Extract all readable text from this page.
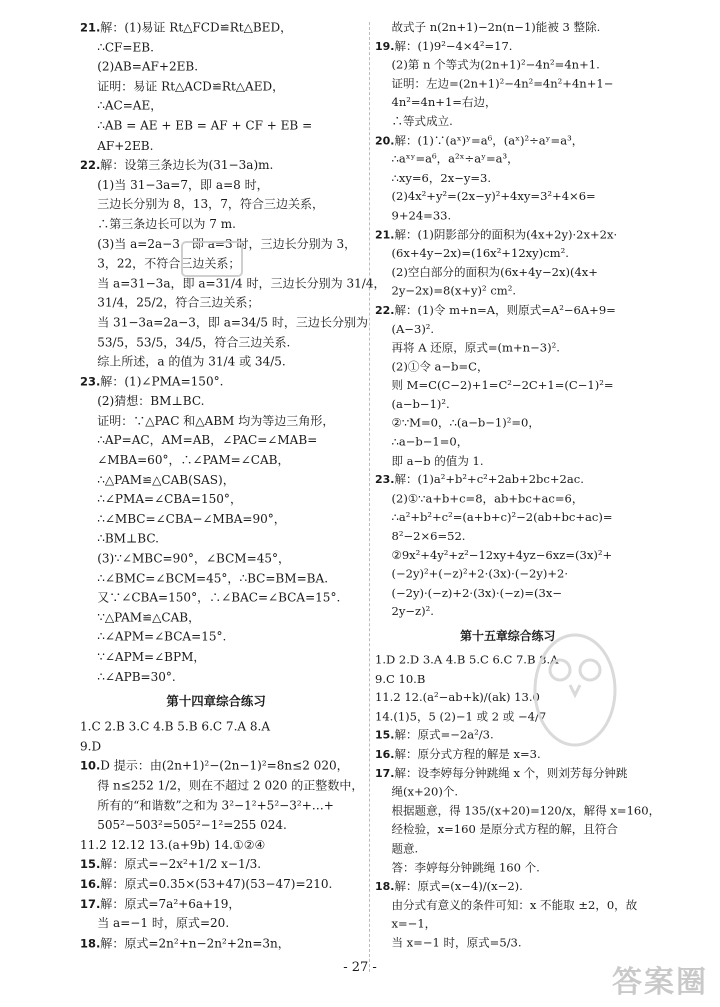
21.解：(1)易证 Rt△FCD≌Rt△BED，
∴CF=EB.
(2)AB=AF+2EB.
证明：易证 Rt△ACD≌Rt△AED，
∴AC=AE，
∴AB = AE + EB = AF + CF + EB =
AF+2EB.
22.解：设第三条边长为(31−3a)m.
(1)当 31−3a=7，即 a=8 时，
三边长分别为 8，13，7，符合三边关系，
∴第三条边长可以为 7 m.
(3)当 a=2a−3，即 a=3 时，三边长分别为 3，
3，22，不符合三边关系；
当 a=31−3a，即 a=31/4 时，三边长分别为 31/4，
31/4，25/2，符合三边关系；
当 31−3a=2a−3，即 a=34/5 时，三边长分别为
53/5，53/5，34/5，符合三边关系.
综上所述，a 的值为 31/4 或 34/5.
23.解：(1)∠PMA=150°.
(2)猜想：BM⊥BC.
证明：∵△PAC 和△ABM 均为等边三角形，
∴AP=AC，AM=AB，∠PAC=∠MAB=
∠MBA=60°，∴∠PAM=∠CAB，
∴△PAM≌△CAB(SAS)，
∴∠PMA=∠CBA=150°，
∴∠MBC=∠CBA−∠MBA=90°，
∴BM⊥BC.
(3)∵∠MBC=90°，∠BCM=45°，
∴∠BMC=∠BCM=45°，∴BC=BM=BA.
又∵∠CBA=150°，∴∠BAC=∠BCA=15°.
∵△PAM≌△CAB，
∴∠APM=∠BCA=15°.
∵∠APM=∠BPM，
∴∠APB=30°.
第十四章综合练习
1.C 2.B 3.C 4.B 5.B 6.C 7.A 8.A
9.D
10.D 提示：由(2n+1)²−(2n−1)²=8n≤2 020，
得 n≤252 1/2，则在不超过 2 020 的正整数中，
所有的“和谐数”之和为 3²−1²+5²−3²+…+
505²−503²=505²−1²=255 024.
11.2 12.12 13.(a+9b) 14.①②④
15.解：原式=−2x²+1/2 x−1/3.
16.解：原式=0.35×(53+47)(53−47)=210.
17.解：原式=7a²+6a+19，
当 a=−1 时，原式=20.
18.解：原式=2n²+n−2n²+2n=3n，
故式子 n(2n+1)−2n(n−1)能被 3 整除.
19.解：(1)9²−4×4²=17.
(2)第 n 个等式为(2n+1)²−4n²=4n+1.
证明：左边=(2n+1)²−4n²=4n²+4n+1−
4n²=4n+1=右边，
∴等式成立.
20.解：(1)∵(aˣ)ʸ=a⁶，(aˣ)²÷aʸ=a³，
∴aˣʸ=a⁶，a²ˣ÷aʸ=a³，
∴xy=6，2x−y=3.
(2)4x²+y²=(2x−y)²+4xy=3²+4×6=
9+24=33.
21.解：(1)阴影部分的面积为(4x+2y)·2x+2x·
(6x+4y−2x)=(16x²+12xy)cm².
(2)空白部分的面积为(6x+4y−2x)(4x+
2y−2x)=8(x+y)² cm².
22.解：(1)令 m+n=A，则原式=A²−6A+9=
(A−3)².
再将 A 还原，原式=(m+n−3)².
(2)①令 a−b=C，
则 M=C(C−2)+1=C²−2C+1=(C−1)²=
(a−b−1)².
②∵M=0，∴(a−b−1)²=0，
∴a−b−1=0，
即 a−b 的值为 1.
23.解：(1)a²+b²+c²+2ab+2bc+2ac.
(2)①∵a+b+c=8，ab+bc+ac=6，
∴a²+b²+c²=(a+b+c)²−2(ab+bc+ac)=
8²−2×6=52.
②9x²+4y²+z²−12xy+4yz−6xz=(3x)²+
(−2y)²+(−z)²+2·(3x)·(−2y)+2·
(−2y)·(−z)+2·(3x)·(−z)=(3x−
2y−z)².
第十五章综合练习
1.D 2.D 3.A 4.B 5.C 6.C 7.B 8.A
9.C 10.B
11.2 12.(a²−ab+k)/(ak) 13.0
14.(1)5，5 (2)−1 或 2 或 −4/7
15.解：原式=−2a²/3.
16.解：原分式方程的解是 x=3.
17.解：设李婷每分钟跳绳 x 个，则刘芳每分钟跳
绳(x+20)个.
根据题意，得 135/(x+20)=120/x，解得 x=160，
经检验，x=160 是原分式方程的解，且符合
题意.
答：李婷每分钟跳绳 160 个.
18.解：原式=(x−4)/(x−2).
由分式有意义的条件可知：x 不能取 ±2，0，故
x=−1，
当 x=−1 时，原式=5/3.
- 27 -	答案圈
